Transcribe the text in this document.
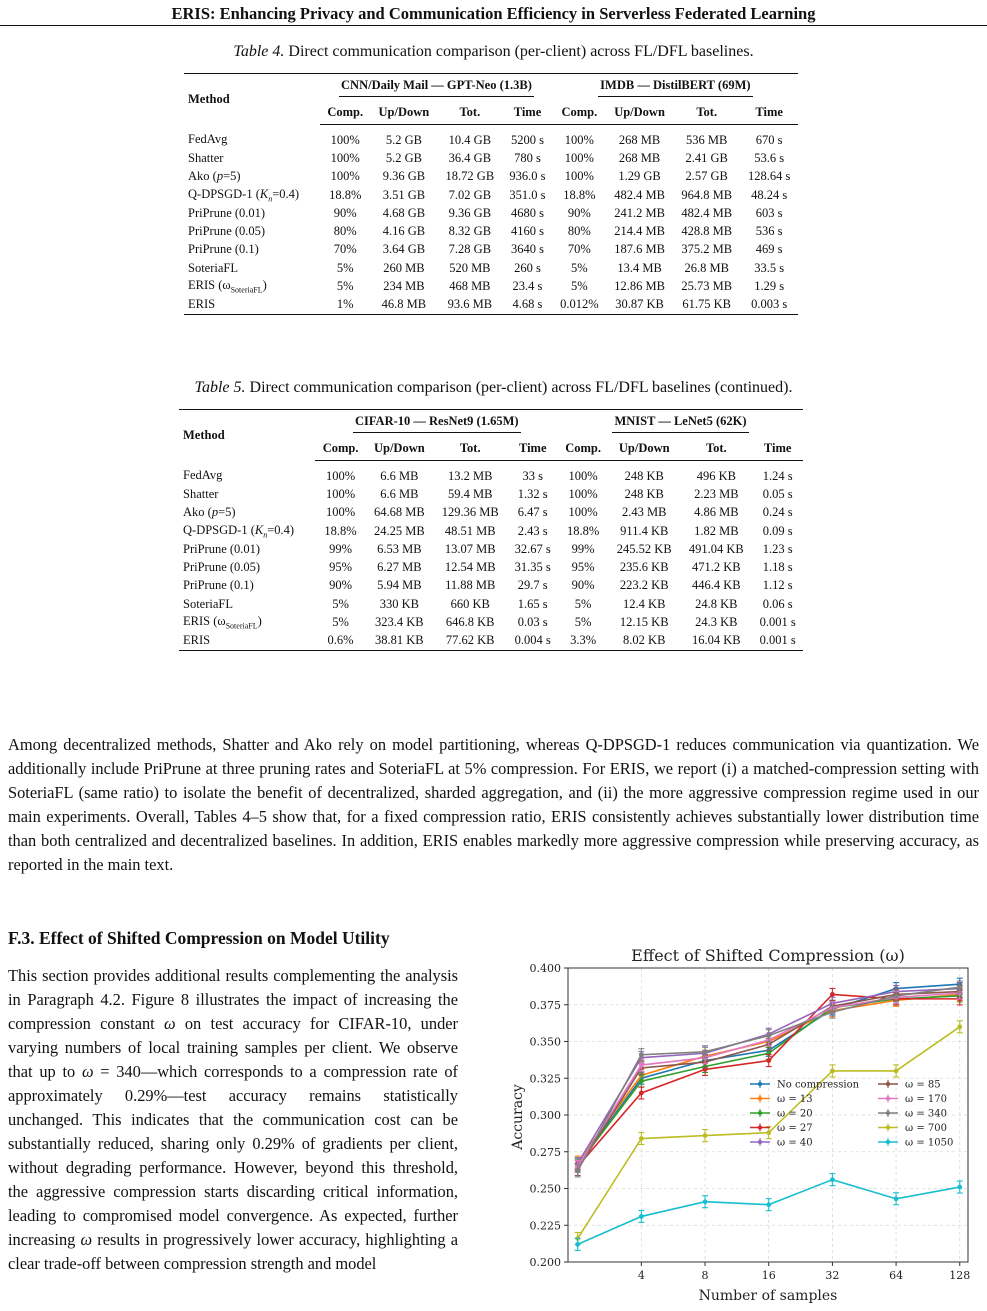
ERIS: Enhancing Privacy and Communication Efficiency in Serverless Federated Learning
Table 4. Direct communication comparison (per-client) across FL/DFL baselines.
Method	CNN/Daily Mail — GPT-Neo (1.3B)				IMDB — DistilBERT (69M)			
	Comp.	Up/Down	Tot.	Time	Comp.	Up/Down	Tot.	Time
FedAvg	100%	5.2 GB	10.4 GB	5200 s	100%	268 MB	536 MB	670 s
Shatter	100%	5.2 GB	36.4 GB	780 s	100%	268 MB	2.41 GB	53.6 s
Ako (p=5)	100%	9.36 GB	18.72 GB	936.0 s	100%	1.29 GB	2.57 GB	128.64 s
Q-DPSGD-1 $(K_n=0.4)$	18.8%	3.51 GB	7.02 GB	351.0 s	18.8%	482.4 MB	964.8 MB	48.24 s
PriPrune (0.01)	90%	4.68 GB	9.36 GB	4680 s	90%	241.2 MB	482.4 MB	603 s
PriPrune (0.05)	80%	4.16 GB	8.32 GB	4160 s	80%	214.4 MB	428.8 MB	536 s
PriPrune (0.1)	70%	3.64 GB	7.28 GB	3640 s	70%	187.6 MB	375.2 MB	469 s
SoteriaFL	5%	260 MB	520 MB	260 s	5%	13.4 MB	26.8 MB	33.5 s
ERIS $(\omega_{SoteriaFL})$	5%	234 MB	468 MB	23.4 s	5%	12.86 MB	25.73 MB	1.29 s
ERIS	1%	46.8 MB	93.6 MB	4.68 s	0.012%	30.87 KB	61.75 KB	0.003 s
Table 5. Direct communication comparison (per-client) across FL/DFL baselines (continued).
Method	CIFAR-10 — ResNet9 (1.65M)				MNIST — LeNet5 (62K)			
	Comp.	Up/Down	Tot.	Time	Comp.	Up/Down	Tot.	Time
FedAvg	100%	6.6 MB	13.2 MB	33 s	100%	248 KB	496 KB	1.24 s
Shatter	100%	6.6 MB	59.4 MB	1.32 s	100%	248 KB	2.23 MB	0.05 s
Ako (p=5)	100%	64.68 MB	129.36 MB	6.47 s	100%	2.43 MB	4.86 MB	0.24 s
Q-DPSGD-1 $(K_n=0.4)$	18.8%	24.25 MB	48.51 MB	2.43 s	18.8%	911.4 KB	1.82 MB	0.09 s
PriPrune (0.01)	99%	6.53 MB	13.07 MB	32.67 s	99%	245.52 KB	491.04 KB	1.23 s
PriPrune (0.05)	95%	6.27 MB	12.54 MB	31.35 s	95%	235.6 KB	471.2 KB	1.18 s
PriPrune (0.1)	90%	5.94 MB	11.88 MB	29.7 s	90%	223.2 KB	446.4 KB	1.12 s
SoteriaFL	5%	330 KB	660 KB	1.65 s	5%	12.4 KB	24.8 KB	0.06 s
ERIS $(\omega_{SoteriaFL})$	5%	323.4 KB	646.8 KB	0.03 s	5%	12.15 KB	24.3 KB	0.001 s
ERIS	0.6%	38.81 KB	77.62 KB	0.004 s	3.3%	8.02 KB	16.04 KB	0.001 s

Among decentralized methods, Shatter and Ako rely on model partitioning, whereas Q-DPSGD-1 reduces communication via quantization. We additionally include PriPrune at three pruning rates and SoteriaFL at 5% compression. For ERIS, we report (i) a matched-compression setting with SoteriaFL (same ratio) to isolate the benefit of decentralized, sharded aggregation, and (ii) the more aggressive compression regime used in our main experiments. Overall, Tables 4–5 show that, for a fixed compression ratio, ERIS consistently achieves substantially lower distribution time than both centralized and decentralized baselines. In addition, ERIS enables markedly more aggressive compression while preserving accuracy, as reported in the main text.

F.3. Effect of Shifted Compression on Model Utility

This section provides additional results complementing the analysis in Paragraph 4.2. Figure 8 illustrates the impact of increasing the compression constant ω on test accuracy for CIFAR-10, under varying numbers of local training samples per client. We observe that up to ω = 340—which corresponds to a compression rate of approximately 0.29%—test accuracy remains statistically unchanged. This indicates that the communication cost can be substantially reduced, sharing only 0.29% of gradients per client, without degrading performance. However, beyond this threshold, the aggressive compression starts discarding critical information, leading to compromised model convergence. As expected, further increasing ω results in progressively lower accuracy, highlighting a clear trade-off between compression strength and model

Effect of Shifted Compression (ω)
Accuracy
Number of samples
0.200
0.225
0.250
0.275
0.300
0.325
0.350
0.375
0.400
4	8	16	32	64	128
No compression
ω = 13
ω = 20
ω = 27
ω = 40
ω = 85
ω = 170
ω = 340
ω = 700
ω = 1050
